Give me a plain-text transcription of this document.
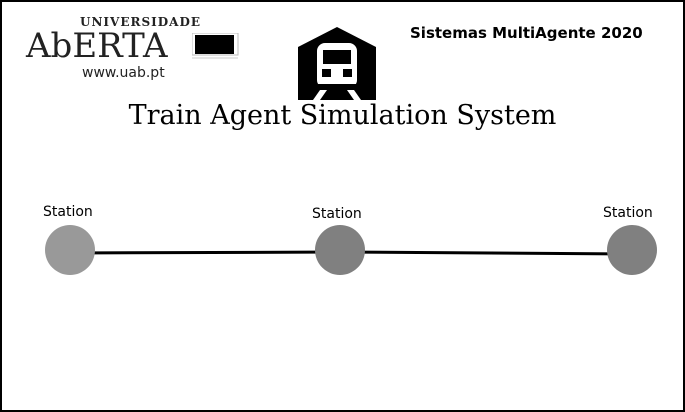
UNIVERSIDADE
AbERTA
www.uab.pt
Sistemas MultiAgente 2020
Train Agent Simulation System
Station	Station	Station
